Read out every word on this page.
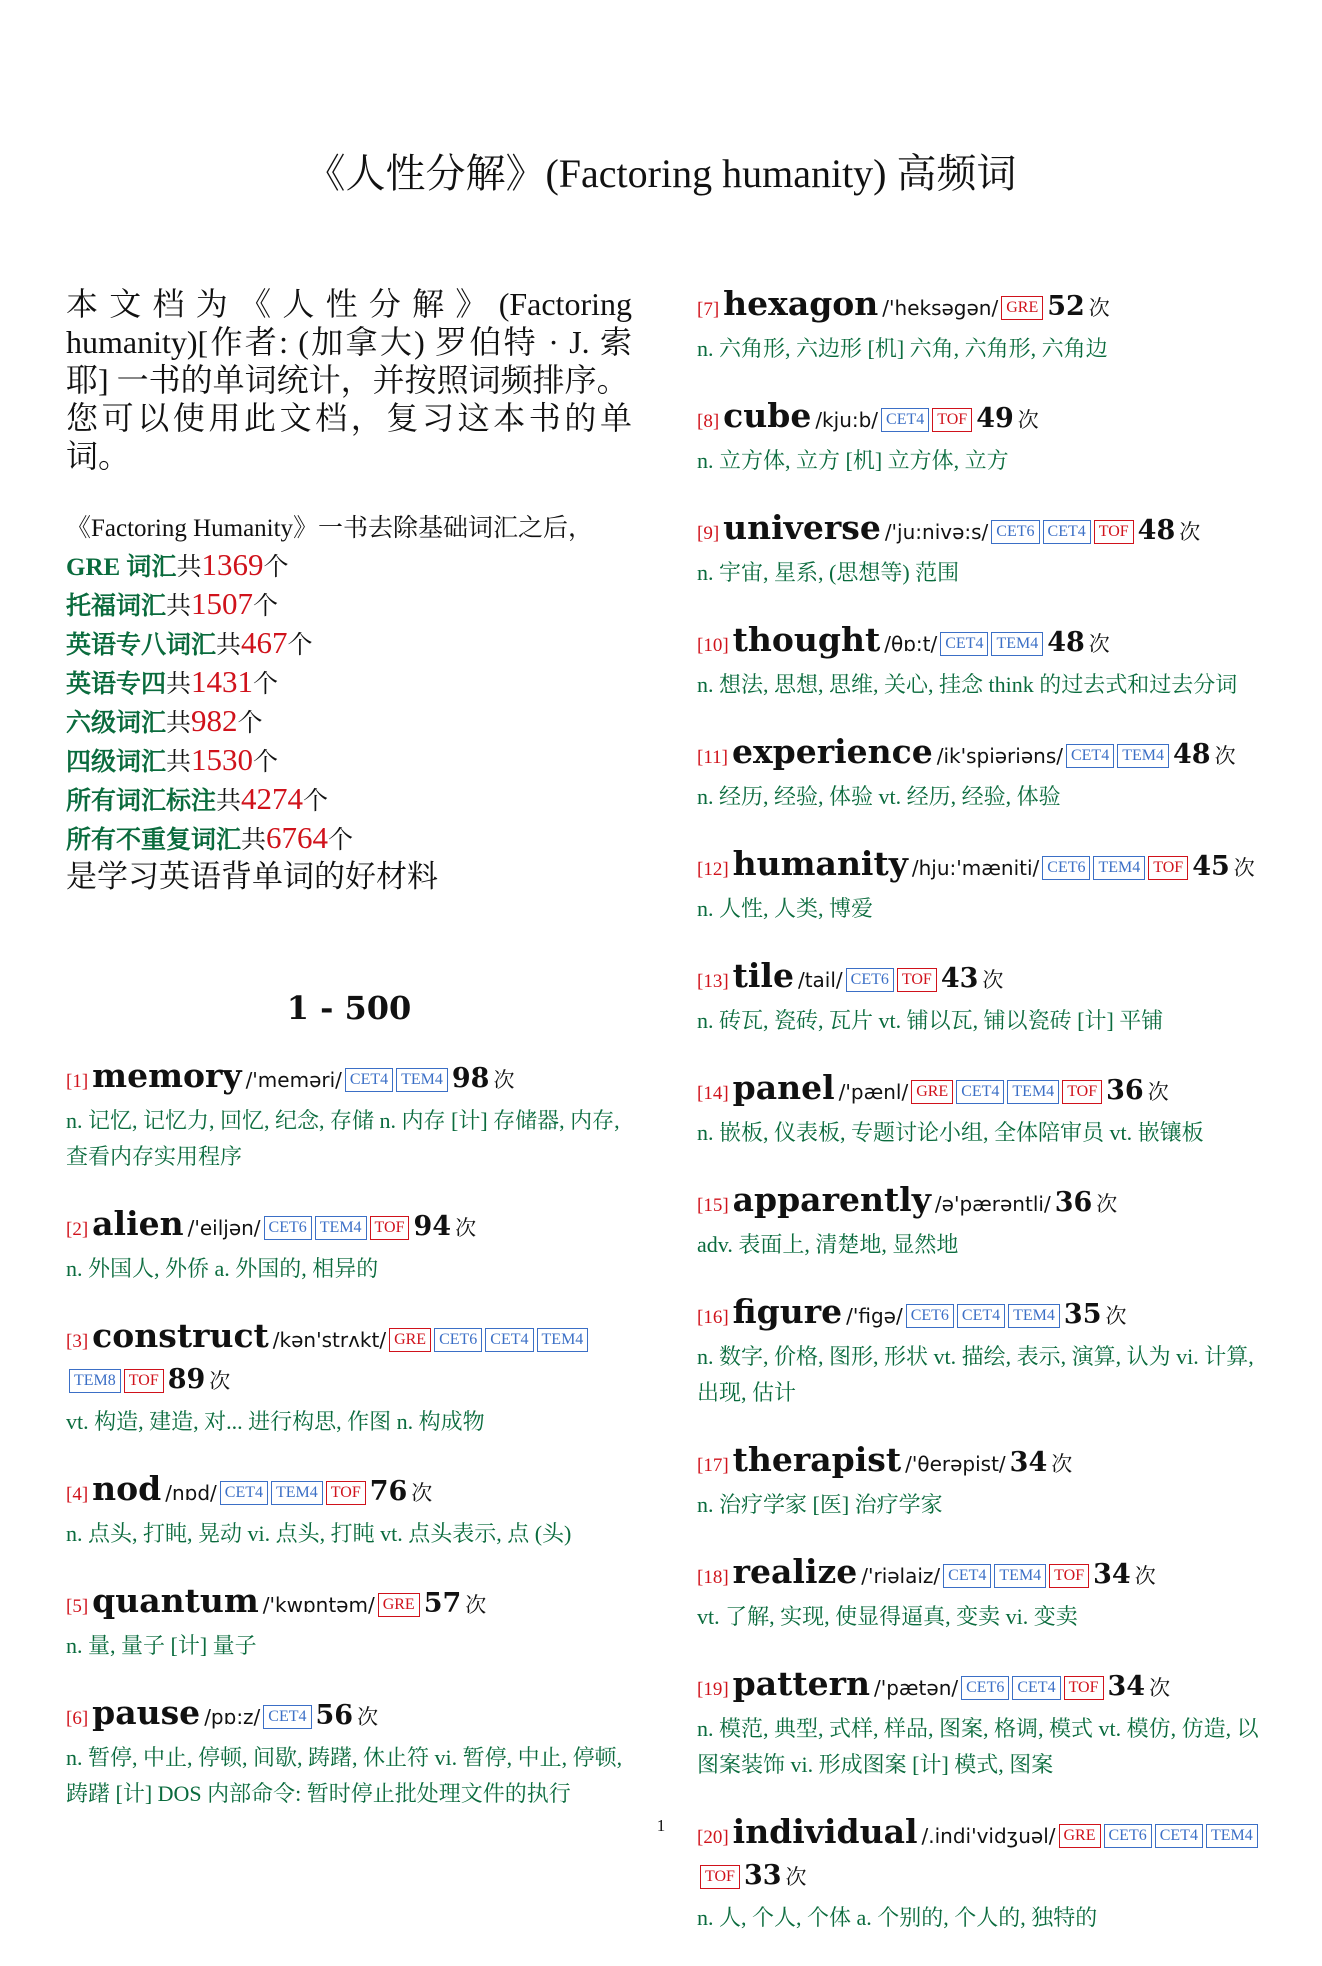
《人性分解》(Factoring humanity) 高频词

本文档为《人性分解》(Factoring humanity)[作者: (加拿大) 罗伯特 · J. 索耶] 一书的单词统计，并按照词频排序。

您可以使用此文档，复习这本书的单词。

《Factoring Humanity》一书去除基础词汇之后，
GRE 词汇共1369个
托福词汇共1507个
英语专八词汇共467个
英语专四共1431个
六级词汇共982个
四级词汇共1530个
所有词汇标注共4274个
所有不重复词汇共6764个
是学习英语背单词的好材料
1 - 500
[1] memory /'meməri/ CET4 TEM4 98 次
n. 记忆, 记忆力, 回忆, 纪念, 存储 n. 内存 [计] 存储器, 内存, 查看内存实用程序
[2] alien /'eiljən/ CET6 TEM4 TOF 94 次
n. 外国人, 外侨 a. 外国的, 相异的
[3] construct /kən'strʌkt/ GRE CET6 CET4 TEM4TEM8 TOF 89 次
vt. 构造, 建造, 对... 进行构思, 作图 n. 构成物
[4] nod /nɒd/ CET4 TEM4 TOF 76 次
n. 点头, 打盹, 晃动 vi. 点头, 打盹 vt. 点头表示, 点 (头)
[5] quantum /'kwɒntəm/ GRE 57 次
n. 量, 量子 [计] 量子
[6] pause /pɒ:z/ CET4 56 次
n. 暂停, 中止, 停顿, 间歇, 踌躇, 休止符 vi. 暂停, 中止, 停顿, 踌躇 [计] DOS 内部命令: 暂时停止批处理文件的执行
[7] hexagon /'heksəgən/ GRE 52 次
n. 六角形, 六边形 [机] 六角, 六角形, 六角边
[8] cube /kju:b/ CET4 TOF 49 次
n. 立方体, 立方 [机] 立方体, 立方
[9] universe /'ju:nivə:s/ CET6 CET4 TOF 48 次
n. 宇宙, 星系, (思想等) 范围
[10] thought /θɒ:t/ CET4 TEM4 48 次
n. 想法, 思想, 思维, 关心, 挂念 think 的过去式和过去分词
[11] experience /ik'spiəriəns/ CET4 TEM4 48 次
n. 经历, 经验, 体验 vt. 经历, 经验, 体验
[12] humanity /hju:'mæniti/ CET6 TEM4 TOF 45 次
n. 人性, 人类, 博爱
[13] tile /tail/ CET6 TOF 43 次
n. 砖瓦, 瓷砖, 瓦片 vt. 铺以瓦, 铺以瓷砖 [计] 平铺
[14] panel /'pænl/ GRE CET4 TEM4 TOF 36 次
n. 嵌板, 仪表板, 专题讨论小组, 全体陪审员 vt. 嵌镶板
[15] apparently /ə'pærəntli/ 36 次
adv. 表面上, 清楚地, 显然地
[16] figure /'figə/ CET6 CET4 TEM4 35 次
n. 数字, 价格, 图形, 形状 vt. 描绘, 表示, 演算, 认为 vi. 计算, 出现, 估计
[17] therapist /'θerəpist/ 34 次
n. 治疗学家 [医] 治疗学家
[18] realize /'riəlaiz/ CET4 TEM4 TOF 34 次
vt. 了解, 实现, 使显得逼真, 变卖 vi. 变卖
[19] pattern /'pætən/ CET6 CET4 TOF 34 次
n. 模范, 典型, 式样, 样品, 图案, 格调, 模式 vt. 模仿, 仿造, 以图案装饰 vi. 形成图案 [计] 模式, 图案
[20] individual /.indi'vidʒuəl/ GRE CET6 CET4 TEM4TOF 33 次
n. 人, 个人, 个体 a. 个别的, 个人的, 独特的
1
